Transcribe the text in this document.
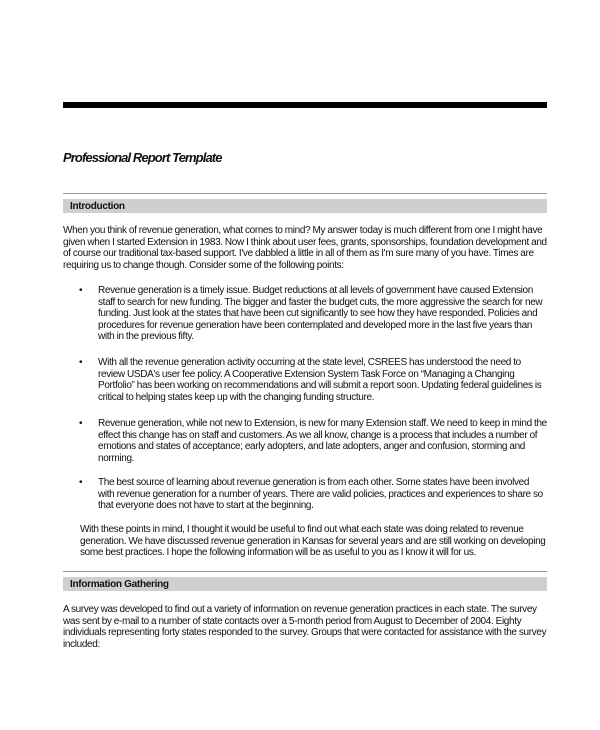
Professional Report Template
Introduction

When you think of revenue generation, what comes to mind? My answer today is much different from one I might have given when I started Extension in 1983. Now I think about user fees, grants, sponsorships, foundation development and of course our traditional tax-based support. I've dabbled a little in all of them as I'm sure many of you have. Times are requiring us to change though. Consider some of the following points:

• Revenue generation is a timely issue. Budget reductions at all levels of government have caused Extension staff to search for new funding. The bigger and faster the budget cuts, the more aggressive the search for new funding. Just look at the states that have been cut significantly to see how they have responded. Policies and procedures for revenue generation have been contemplated and developed more in the last five years than with in the previous fifty.

• With all the revenue generation activity occurring at the state level, CSREES has understood the need to review USDA's user fee policy. A Cooperative Extension System Task Force on “Managing a Changing Portfolio” has been working on recommendations and will submit a report soon. Updating federal guidelines is critical to helping states keep up with the changing funding structure.

• Revenue generation, while not new to Extension, is new for many Extension staff. We need to keep in mind the effect this change has on staff and customers. As we all know, change is a process that includes a number of emotions and states of acceptance; early adopters, and late adopters, anger and confusion, storming and norming.

• The best source of learning about revenue generation is from each other. Some states have been involved with revenue generation for a number of years. There are valid policies, practices and experiences to share so that everyone does not have to start at the beginning.

With these points in mind, I thought it would be useful to find out what each state was doing related to revenue generation. We have discussed revenue generation in Kansas for several years and are still working on developing some best practices. I hope the following information will be as useful to you as I know it will for us.

Information Gathering

A survey was developed to find out a variety of information on revenue generation practices in each state. The survey was sent by e-mail to a number of state contacts over a 5-month period from August to December of 2004. Eighty individuals representing forty states responded to the survey. Groups that were contacted for assistance with the survey included:
